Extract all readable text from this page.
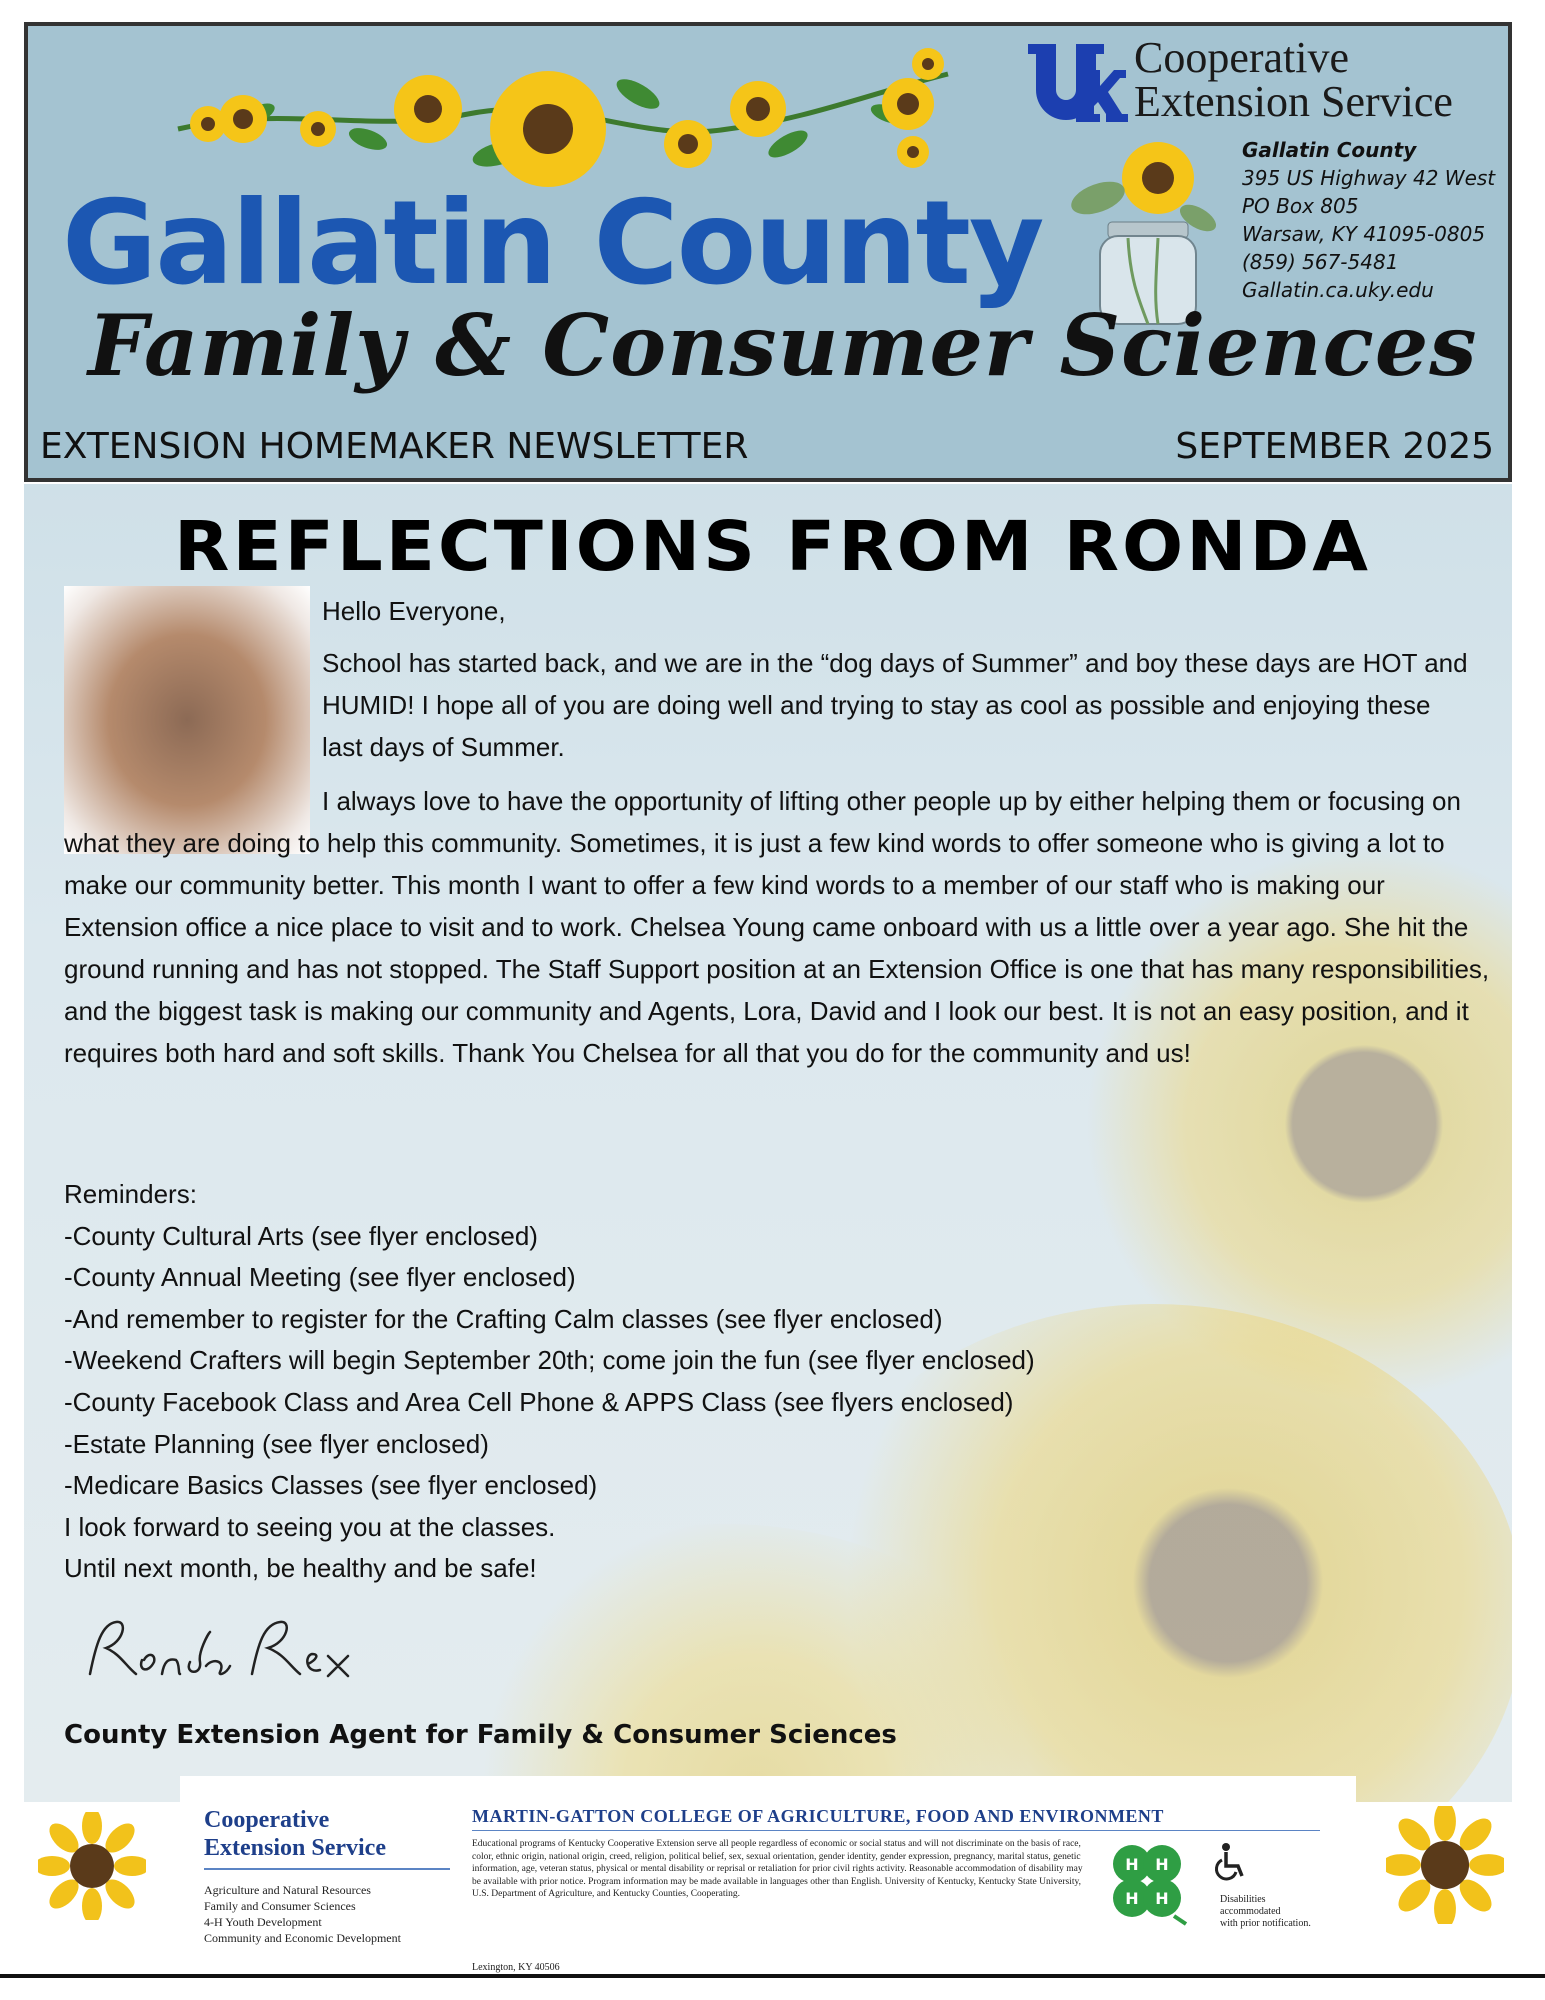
Cooperative
Extension Service
Gallatin County
395 US Highway 42 West
PO Box 805
Warsaw, KY 41095-0805
(859) 567-5481
Gallatin.ca.uky.edu
Gallatin County
Family & Consumer Sciences
EXTENSION HOMEMAKER NEWSLETTER	SEPTEMBER 2025
REFLECTIONS FROM RONDA
Hello Everyone,
School has started back, and we are in the “dog days of Summer” and boy these days are HOT and HUMID! I hope all of you are doing well and trying to stay as cool as possible and enjoying these last days of Summer.
I always love to have the opportunity of lifting other people up by either helping them or focusing on what they are doing to help this community. Sometimes, it is just a few kind words to offer someone who is giving a lot to make our community better. This month I want to offer a few kind words to a member of our staff who is making our Extension office a nice place to visit and to work. Chelsea Young came onboard with us a little over a year ago. She hit the ground running and has not stopped. The Staff Support position at an Extension Office is one that has many responsibilities, and the biggest task is making our community and Agents, Lora, David and I look our best. It is not an easy position, and it requires both hard and soft skills. Thank You Chelsea for all that you do for the community and us!
Reminders:
-County Cultural Arts (see flyer enclosed)
-County Annual Meeting (see flyer enclosed)
-And remember to register for the Crafting Calm classes (see flyer enclosed)
-Weekend Crafters will begin September 20th; come join the fun (see flyer enclosed)
-County Facebook Class and Area Cell Phone & APPS Class (see flyers enclosed)
-Estate Planning (see flyer enclosed)
-Medicare Basics Classes (see flyer enclosed)
I look forward to seeing you at the classes.
Until next month, be healthy and be safe!
County Extension Agent for Family & Consumer Sciences
Cooperative
Extension Service
Agriculture and Natural Resources
Family and Consumer Sciences
4-H Youth Development
Community and Economic Development
MARTIN-GATTON COLLEGE OF AGRICULTURE, FOOD AND ENVIRONMENT
Educational programs of Kentucky Cooperative Extension serve all people regardless of economic or social status and will not discriminate on the basis of race, color, ethnic origin, national origin, creed, religion, political belief, sex, sexual orientation, gender identity, gender expression, pregnancy, marital status, genetic information, age, veteran status, physical or mental disability or reprisal or retaliation for prior civil rights activity. Reasonable accommodation of disability may be available with prior notice. Program information may be made available in languages other than English. University of Kentucky, Kentucky State University, U.S. Department of Agriculture, and Kentucky Counties, Cooperating.
Lexington, KY 40506
H H
H H	Disabilities
accommodated
with prior notification.
